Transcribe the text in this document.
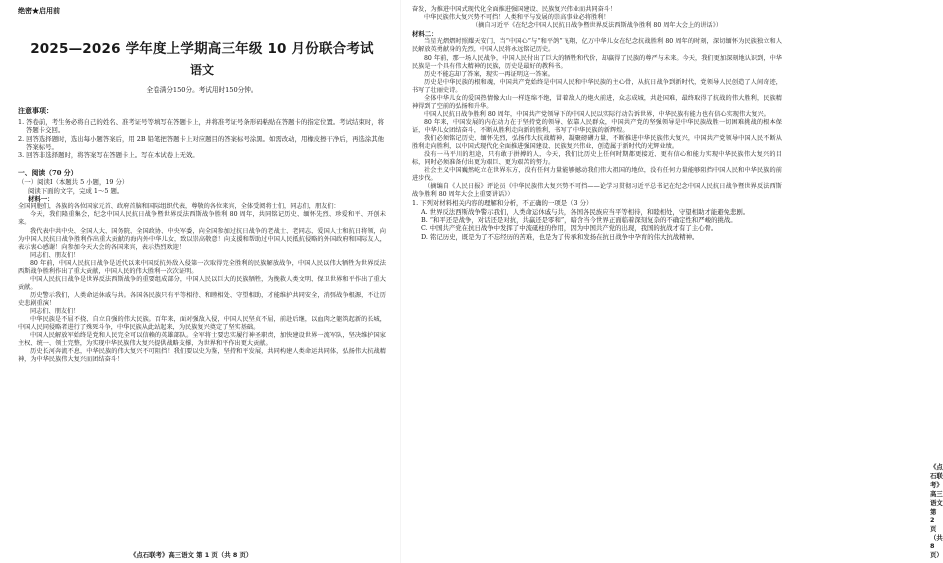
绝密★启用前

2025—2026 学年度上学期高三年级 10 月份联合考试
语文
全卷满分150分。考试用时150分钟。
注意事项：

1. 答卷前，考生务必将自己的姓名、准考证号等填写在答题卡上，并将准考证号条形码粘贴在答题卡的指定位置。考试结束时，将答题卡交回。

2. 回答选择题时，选出每小题答案后，用 2B 铅笔把答题卡上对应题目的答案标号涂黑。如需改动，用橡皮擦干净后，再选涂其他答案标号。

3. 回答非选择题时，将答案写在答题卡上。写在本试卷上无效。

一、阅读（70 分）

（一）阅读Ⅰ（本题共 5 小题，19 分）

阅读下面的文字，完成 1～5 题。

材料一：

全国同胞们，各族的各位国家元首、政府首脑和国际组织代表，尊敬的各位来宾，全体受阅将士们，同志们，朋友们：

今天，我们隆重集会，纪念中国人民抗日战争暨世界反法西斯战争胜利 80 周年，共同铭记历史、缅怀先烈、珍爱和平、开创未来。

我代表中共中央、全国人大、国务院、全国政协、中央军委，向全国参加过抗日战争的老战士、老同志，爱国人士和抗日将领，向为中国人民抗日战争胜利作出重大贡献的海内外中华儿女，致以崇高敬意！向支援和帮助过中国人民抵抗侵略的外国政府和国际友人，表示衷心感谢！向参加今天大会的各国来宾，表示热烈欢迎！

同志们、朋友们！

80 年前，中国人民抗日战争是近代以来中国反抗外敌入侵第一次取得完全胜利的民族解放战争，中国人民以伟大牺牲为世界反法西斯战争胜利作出了重大贡献，中国人民的伟大胜利一次次证明。

中国人民抗日战争是世界反法西斯战争的重要组成部分，中国人民以巨大的民族牺牲，为挽救人类文明、保卫世界和平作出了重大贡献。

历史警示我们，人类命运休戚与共。各国各民族只有平等相待、和睦相处、守望相助，才能维护共同安全，消弭战争根源，不让历史悲剧重演！

同志们、朋友们！

中华民族是不屈不挠、自立自强的伟大民族。百年来，面对强敌入侵，中国人民坚贞不屈，前赴后继，以血肉之躯筑起新的长城，中国人民同侵略者进行了殊死斗争，中华民族从此站起来，为民族复兴奠定了坚实基础。

中国人民解放军始终是党和人民完全可以信赖的英雄部队。全军将士要忠实履行神圣职责，加快建设世界一流军队，坚决维护国家主权、统一、领土完整，为实现中华民族伟大复兴提供战略支撑，为世界和平作出更大贡献。

历史长河奔流不息，中华民族的伟大复兴不可阻挡！我们要以史为鉴，坚持和平发展，共同构建人类命运共同体，弘扬伟大抗战精神，为中华民族伟大复兴而团结奋斗！

《点石联考》高三语文 第 1 页（共 8 页）

奋发，为推进中国式现代化全面推进强国建设、民族复兴伟业而共同奋斗！

中华民族伟大复兴势不可挡！人类和平与发展的崇高事业必将胜利！

（摘自习近平《在纪念中国人民抗日战争暨世界反法西斯战争胜利 80 周年大会上的讲话》）

材料二：

当星光熠熠时照耀天安门，当“中国心”与“和平鸽”飞翔，亿万中华儿女在纪念抗战胜利 80 周年的时刻，深切缅怀为民族独立和人民解放英勇献身的先烈，中国人民将永远铭记历史。

80 年前，那一场人民战争，中国人民付出了巨大的牺牲和代价，却赢得了民族的尊严与未来。今天，我们更加深刻地认识到，中华民族是一个具有伟大精神的民族，历史是最好的教科书。

历史不能忘却了答案，现实一再证明这一答案。

历史是中华民族的根和魂，中国共产党始终是中国人民和中华民族的主心骨，从抗日战争到新时代，党领导人民创造了人间奇迹，书写了壮丽史诗。

全体中华儿女的爱国热情像大山一样连绵不绝，冒着敌人的炮火前进，众志成城，共赴国难，最终取得了抗战的伟大胜利，民族精神得到了空前的弘扬和升华。

中国人民抗日战争胜利 80 周年，中国共产党领导下的中国人民以实际行动告诉世界，中华民族有能力也有信心实现伟大复兴。

80 年来，中国发展的内在动力在于坚持党的领导、依靠人民群众，中国共产党的坚强领导是中华民族战胜一切困难挑战的根本保证，中华儿女团结奋斗，不断从胜利走向新的胜利，书写了中华民族的新辉煌。

我们必须铭记历史、缅怀先烈，弘扬伟大抗战精神，凝聚磅礴力量，不断推进中华民族伟大复兴，中国共产党领导中国人民不断从胜利走向胜利，以中国式现代化全面推进强国建设、民族复兴伟业，创造属于新时代的光辉业绩。

没有一马平川的坦途，只有敢于拼搏的人，今天，我们比历史上任何时期都更接近、更有信心和能力实现中华民族伟大复兴的目标，同时必须准备付出更为艰巨、更为艰苦的努力。

社会主义中国巍然屹立在世界东方，没有任何力量能够撼动我们伟大祖国的地位，没有任何力量能够阻挡中国人民和中华民族的前进步伐。

（摘编自《人民日报》评论员《中华民族伟大复兴势不可挡——论学习贯彻习近平总书记在纪念中国人民抗日战争暨世界反法西斯战争胜利 80 周年大会上重要讲话》）

1. 下列对材料相关内容的理解和分析，不正确的一项是（3 分）

A. 世界反法西斯战争警示我们，人类命运休戚与共，各国各民族应当平等相待，和睦相处，守望相助才能避免悲剧。

B. “和平还是战争，对话还是对抗，共赢还是零和”，暗含当今世界正面临着深刻复杂的不确定性和严峻的挑战。

C. 中国共产党在抗日战争中发挥了中流砥柱的作用，因为中国共产党的出现，我国的抗战才有了主心骨。

D. 铭记历史，既是为了不忘经历的苦难，也是为了传承和发扬在抗日战争中孕育的伟大抗战精神。

《点石联考》高三语文 第 2 页（共 8 页）
